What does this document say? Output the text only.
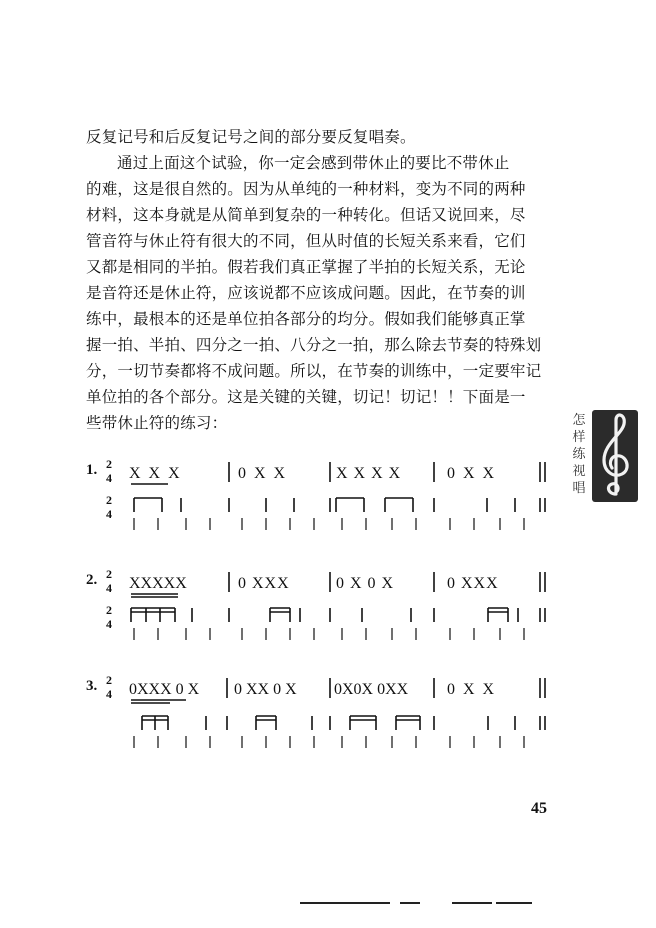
反复记号和后反复记号之间的部分要反复唱奏。
通过上面这个试验，你一定会感到带休止的要比不带休止
的难，这是很自然的。因为从单纯的一种材料，变为不同的两种
材料，这本身就是从简单到复杂的一种转化。但话又说回来，尽
管音符与休止符有很大的不同，但从时值的长短关系来看，它们
又都是相同的半拍。假若我们真正掌握了半拍的长短关系，无论
是音符还是休止符，应该说都不应该成问题。因此，在节奏的训
练中，最根本的还是单位拍各部分的均分。假如我们能够真正掌
握一拍、半拍、四分之一拍、八分之一拍，那么除去节奏的特殊划
分，一切节奏都将不成问题。所以，在节奏的训练中，一定要牢记
单位拍的各个部分。这是关键的关键，切记！切记！！下面是一
些带休止符的练习：	怎
样
练
视
唱
1. 2
4
2
4
X X X	0 X X	X X X X	0 X X
2. 2
4
2
4
XXXXX	0 XXX	0 X 0 X	0 XXX
3. 2
4 0XXX 0 X 0 XX 0 X 0X0X 0XX 0 X X
45
